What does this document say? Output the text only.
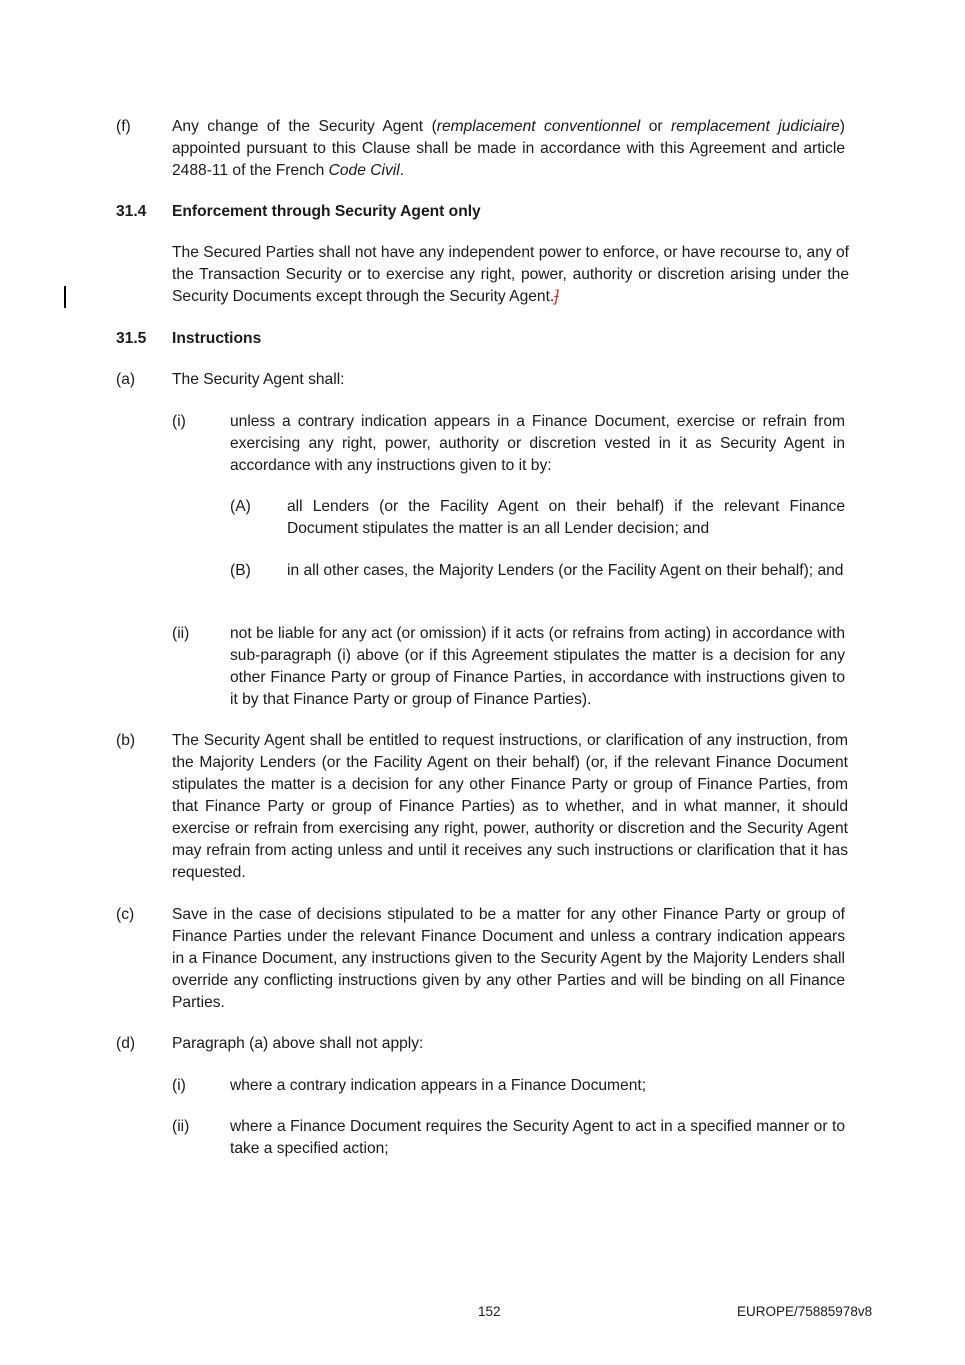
(f)	Any change of the Security Agent (remplacement conventionnel or remplacement judiciaire) appointed pursuant to this Clause shall be made in accordance with this Agreement and article 2488-11 of the French Code Civil.
31.4 Enforcement through Security Agent only
The Secured Parties shall not have any independent power to enforce, or have recourse to, any of the Transaction Security or to exercise any right, power, authority or discretion arising under the Security Documents except through the Security Agent.]
31.5 Instructions
(a) The Security Agent shall:
(i)	unless a contrary indication appears in a Finance Document, exercise or refrain from exercising any right, power, authority or discretion vested in it as Security Agent in accordance with any instructions given to it by:
(A) all Lenders (or the Facility Agent on their behalf) if the relevant Finance Document stipulates the matter is an all Lender decision; and
(B) in all other cases, the Majority Lenders (or the Facility Agent on their behalf); and
(ii)	not be liable for any act (or omission) if it acts (or refrains from acting) in accordance with sub-paragraph (i) above (or if this Agreement stipulates the matter is a decision for any other Finance Party or group of Finance Parties, in accordance with instructions given to it by that Finance Party or group of Finance Parties).
(b) The Security Agent shall be entitled to request instructions, or clarification of any instruction, from the Majority Lenders (or the Facility Agent on their behalf) (or, if the relevant Finance Document stipulates the matter is a decision for any other Finance Party or group of Finance Parties, from that Finance Party or group of Finance Parties) as to whether, and in what manner, it should exercise or refrain from exercising any right, power, authority or discretion and the Security Agent may refrain from acting unless and until it receives any such instructions or clarification that it has requested.
(c) Save in the case of decisions stipulated to be a matter for any other Finance Party or group of Finance Parties under the relevant Finance Document and unless a contrary indication appears in a Finance Document, any instructions given to the Security Agent by the Majority Lenders shall override any conflicting instructions given by any other Parties and will be binding on all Finance Parties.
(d) Paragraph (a) above shall not apply:
(i)	where a contrary indication appears in a Finance Document;
(ii)	where a Finance Document requires the Security Agent to act in a specified manner or to take a specified action;
152	EUROPE/75885978v8
